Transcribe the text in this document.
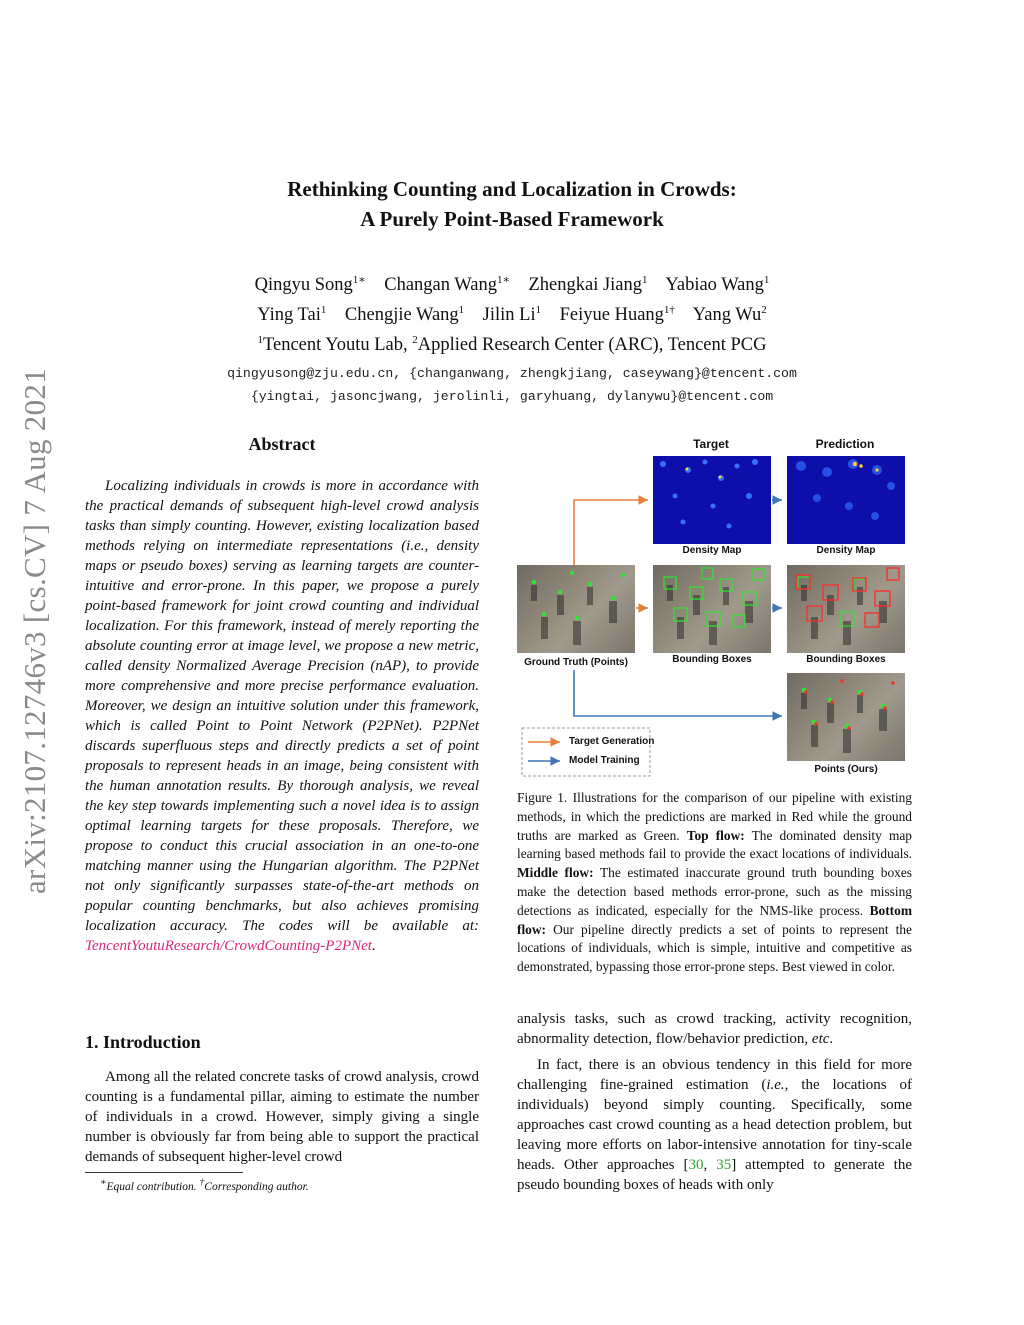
arXiv:2107.12746v3 [cs.CV] 7 Aug 2021
Rethinking Counting and Localization in Crowds:
A Purely Point-Based Framework
Qingyu Song$^{1∗}$ Changan Wang$^{1∗}$ Zhengkai Jiang$^1$ Yabiao Wang$^1$
Ying Tai$^1$ Chengjie Wang$^1$ Jilin Li$^1$ Feiyue Huang$^{1\dagger}$ Yang Wu$^2$
$^1$Tencent Youtu Lab, $^2$Applied Research Center (ARC), Tencent PCG
qingyusong@zju.edu.cn, {changanwang, zhengkjiang, caseywang}@tencent.com
{yingtai, jasoncjwang, jerolinli, garyhuang, dylanywu}@tencent.com
Abstract
Localizing individuals in crowds is more in accordance with the practical demands of subsequent high-level crowd analysis tasks than simply counting. However, existing localization based methods relying on intermediate representations (i.e., density maps or pseudo boxes) serving as learning targets are counter-intuitive and error-prone. In this paper, we propose a purely point-based framework for joint crowd counting and individual localization. For this framework, instead of merely reporting the absolute counting error at image level, we propose a new metric, called density Normalized Average Precision (nAP), to provide more comprehensive and more precise performance evaluation. Moreover, we design an intuitive solution under this framework, which is called Point to Point Network (P2PNet). P2PNet discards superfluous steps and directly predicts a set of point proposals to represent heads in an image, being consistent with the human annotation results. By thorough analysis, we reveal the key step towards implementing such a novel idea is to assign optimal learning targets for these proposals. Therefore, we propose to conduct this crucial association in an one-to-one matching manner using the Hungarian algorithm. The P2PNet not only significantly surpasses state-of-the-art methods on popular counting benchmarks, but also achieves promising localization accuracy. The codes will be available at: TencentYoutuResearch/CrowdCounting-P2PNet.
1. Introduction
Among all the related concrete tasks of crowd analysis, crowd counting is a fundamental pillar, aiming to estimate the number of individuals in a crowd. However, simply giving a single number is obviously far from being able to support the practical demands of subsequent higher-level crowd
∗Equal contribution. †Corresponding author.
Target	Prediction
Density Map	Density Map
Ground Truth (Points)	Bounding Boxes	Bounding Boxes
Points (Ours)
Target Generation
Model Training
Figure 1. Illustrations for the comparison of our pipeline with existing methods, in which the predictions are marked in Red while the ground truths are marked as Green. Top flow: The dominated density map learning based methods fail to provide the exact locations of individuals. Middle flow: The estimated inaccurate ground truth bounding boxes make the detection based methods error-prone, such as the missing detections as indicated, especially for the NMS-like process. Bottom flow: Our pipeline directly predicts a set of points to represent the locations of individuals, which is simple, intuitive and competitive as demonstrated, bypassing those error-prone steps. Best viewed in color.
analysis tasks, such as crowd tracking, activity recognition, abnormality detection, flow/behavior prediction, etc.
In fact, there is an obvious tendency in this field for more challenging fine-grained estimation (i.e., the locations of individuals) beyond simply counting. Specifically, some approaches cast crowd counting as a head detection problem, but leaving more efforts on labor-intensive annotation for tiny-scale heads. Other approaches [30, 35] attempted to generate the pseudo bounding boxes of heads with only
